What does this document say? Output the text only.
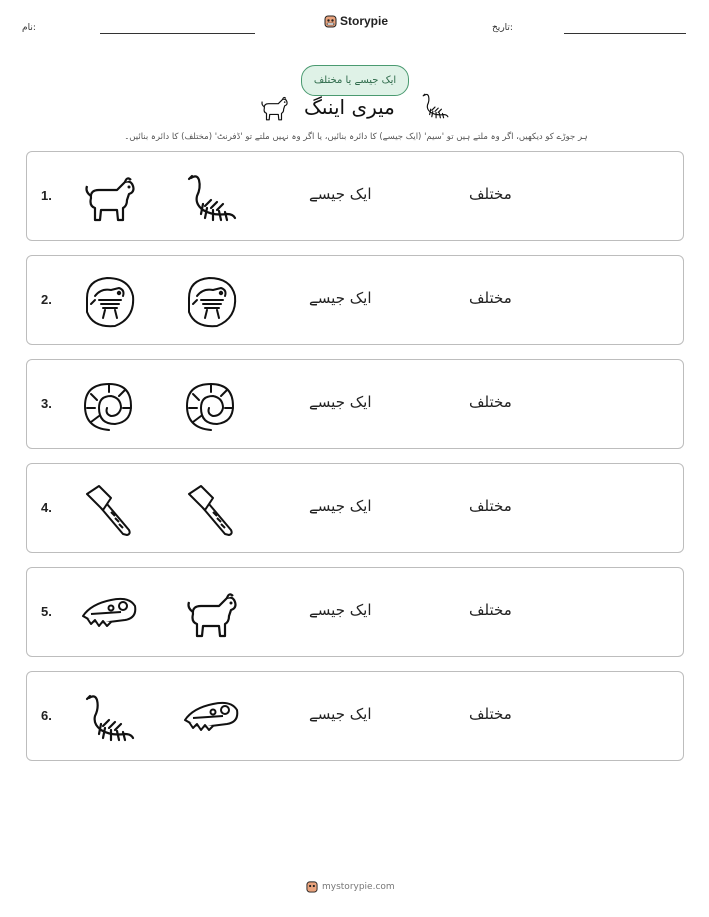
نام:	Storypie	تاریخ:
ایک جیسے یا مختلف
میری اینںگ
ہر جوڑے کو دیکھیں، اگر وہ ملتے ہیں تو 'سیم' (ایک جیسے) کا دائرہ بنائیں، یا اگر وہ نہیں ملتے تو 'ڈفرنٹ' (مختلف) کا دائرہ بنائیں۔
1.	ایک جیسے	مختلف
2.	ایک جیسے	مختلف
3.	ایک جیسے	مختلف
4.	ایک جیسے	مختلف
5.	ایک جیسے	مختلف
6.	ایک جیسے	مختلف
mystorypie.com
